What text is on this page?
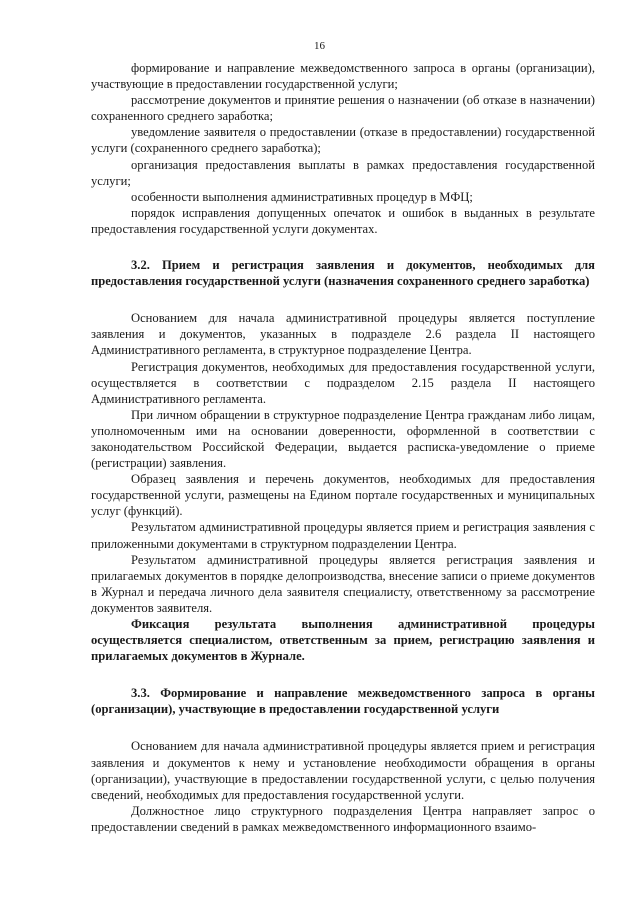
16

формирование и направление межведомственного запроса в органы (организации), участвующие в предоставлении государственной услуги;

рассмотрение документов и принятие решения о назначении (об отказе в назначении) сохраненного среднего заработка;

уведомление заявителя о предоставлении (отказе в предоставлении) государственной услуги (сохраненного среднего заработка);

организация предоставления выплаты в рамках предоставления государственной услуги;

особенности выполнения административных процедур в МФЦ;

порядок исправления допущенных опечаток и ошибок в выданных в результате предоставления государственной услуги документах.

3.2. Прием и регистрация заявления и документов, необходимых для предоставления государственной услуги (назначения сохраненного среднего заработка)

Основанием для начала административной процедуры является поступление заявления и документов, указанных в подразделе 2.6 раздела II настоящего Административного регламента, в структурное подразделение Центра.

Регистрация документов, необходимых для предоставления государственной услуги, осуществляется в соответствии с подразделом 2.15 раздела II настоящего Административного регламента.

При личном обращении в структурное подразделение Центра гражданам либо лицам, уполномоченным ими на основании доверенности, оформленной в соответствии с законодательством Российской Федерации, выдается расписка-уведомление о приеме (регистрации) заявления.

Образец заявления и перечень документов, необходимых для предоставления государственной услуги, размещены на Едином портале государственных и муниципальных услуг (функций).

Результатом административной процедуры является прием и регистрация заявления с приложенными документами в структурном подразделении Центра.

Результатом административной процедуры является регистрация заявления и прилагаемых документов в порядке делопроизводства, внесение записи о приеме документов в Журнал и передача личного дела заявителя специалисту, ответственному за рассмотрение документов заявителя.

Фиксация результата выполнения административной процедуры осуществляется специалистом, ответственным за прием, регистрацию заявления и прилагаемых документов в Журнале.

3.3. Формирование и направление межведомственного запроса в органы (организации), участвующие в предоставлении государственной услуги

Основанием для начала административной процедуры является прием и регистрация заявления и документов к нему и установление необходимости обращения в органы (организации), участвующие в предоставлении государственной услуги, с целью получения сведений, необходимых для предоставления государственной услуги.

Должностное лицо структурного подразделения Центра направляет запрос о предоставлении сведений в рамках межведомственного информационного взаимо-
